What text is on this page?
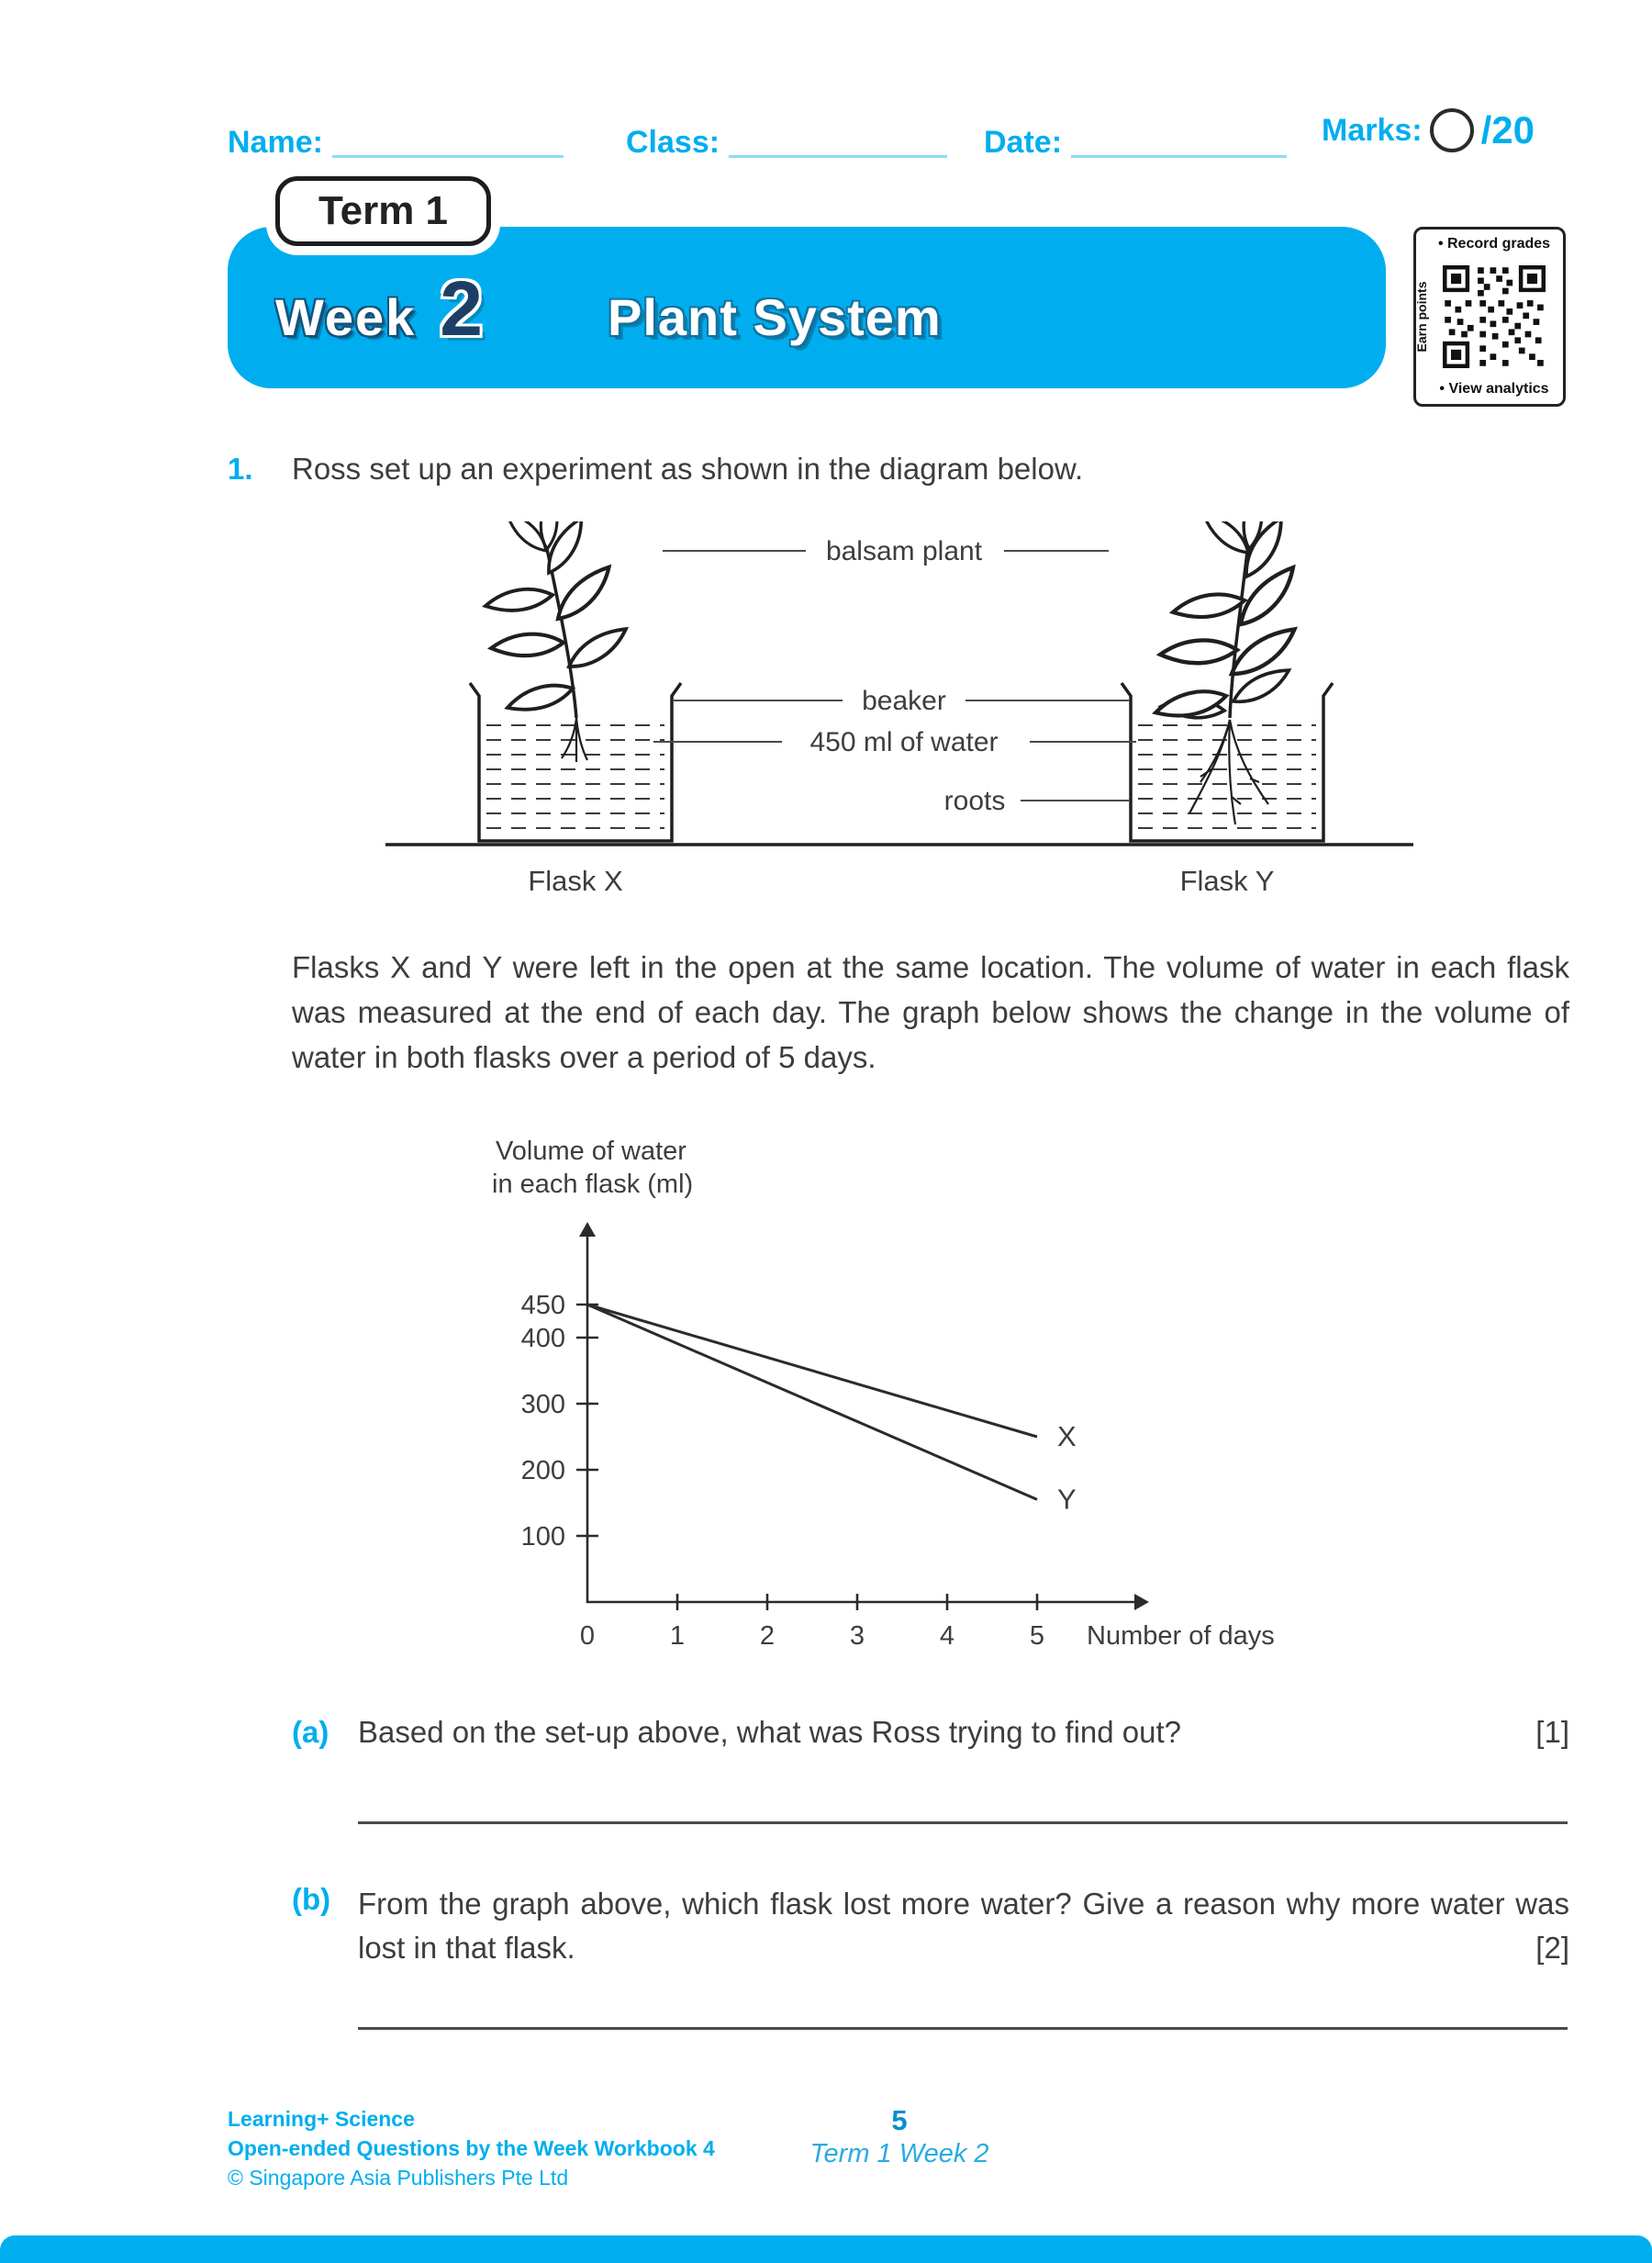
Name:	Class:	Date:	Marks: /20
Term 1
Week 2 Plant System
• Record grades
Earn points
• View analytics
1.	Ross set up an experiment as shown in the diagram below.
balsam plant
beaker
450 ml of water
roots
Flask X	Flask Y
Flasks X and Y were left in the open at the same location. The volume of water in each flask was measured at the end of each day. The graph below shows the change in the volume of water in both flasks over a period of 5 days.
Volume of water
in each flask (ml)
Number of days
100
200
300
400
450
0	1	2	3	4	5
X
Y
(a) Based on the set-up above, what was Ross trying to find out?	[1]
(b) From the graph above, which flask lost more water? Give a reason why more water was lost in that flask.	[2]
Learning+ Science
Open-ended Questions by the Week Workbook 4
© Singapore Asia Publishers Pte Ltd
5
Term 1 Week 2
